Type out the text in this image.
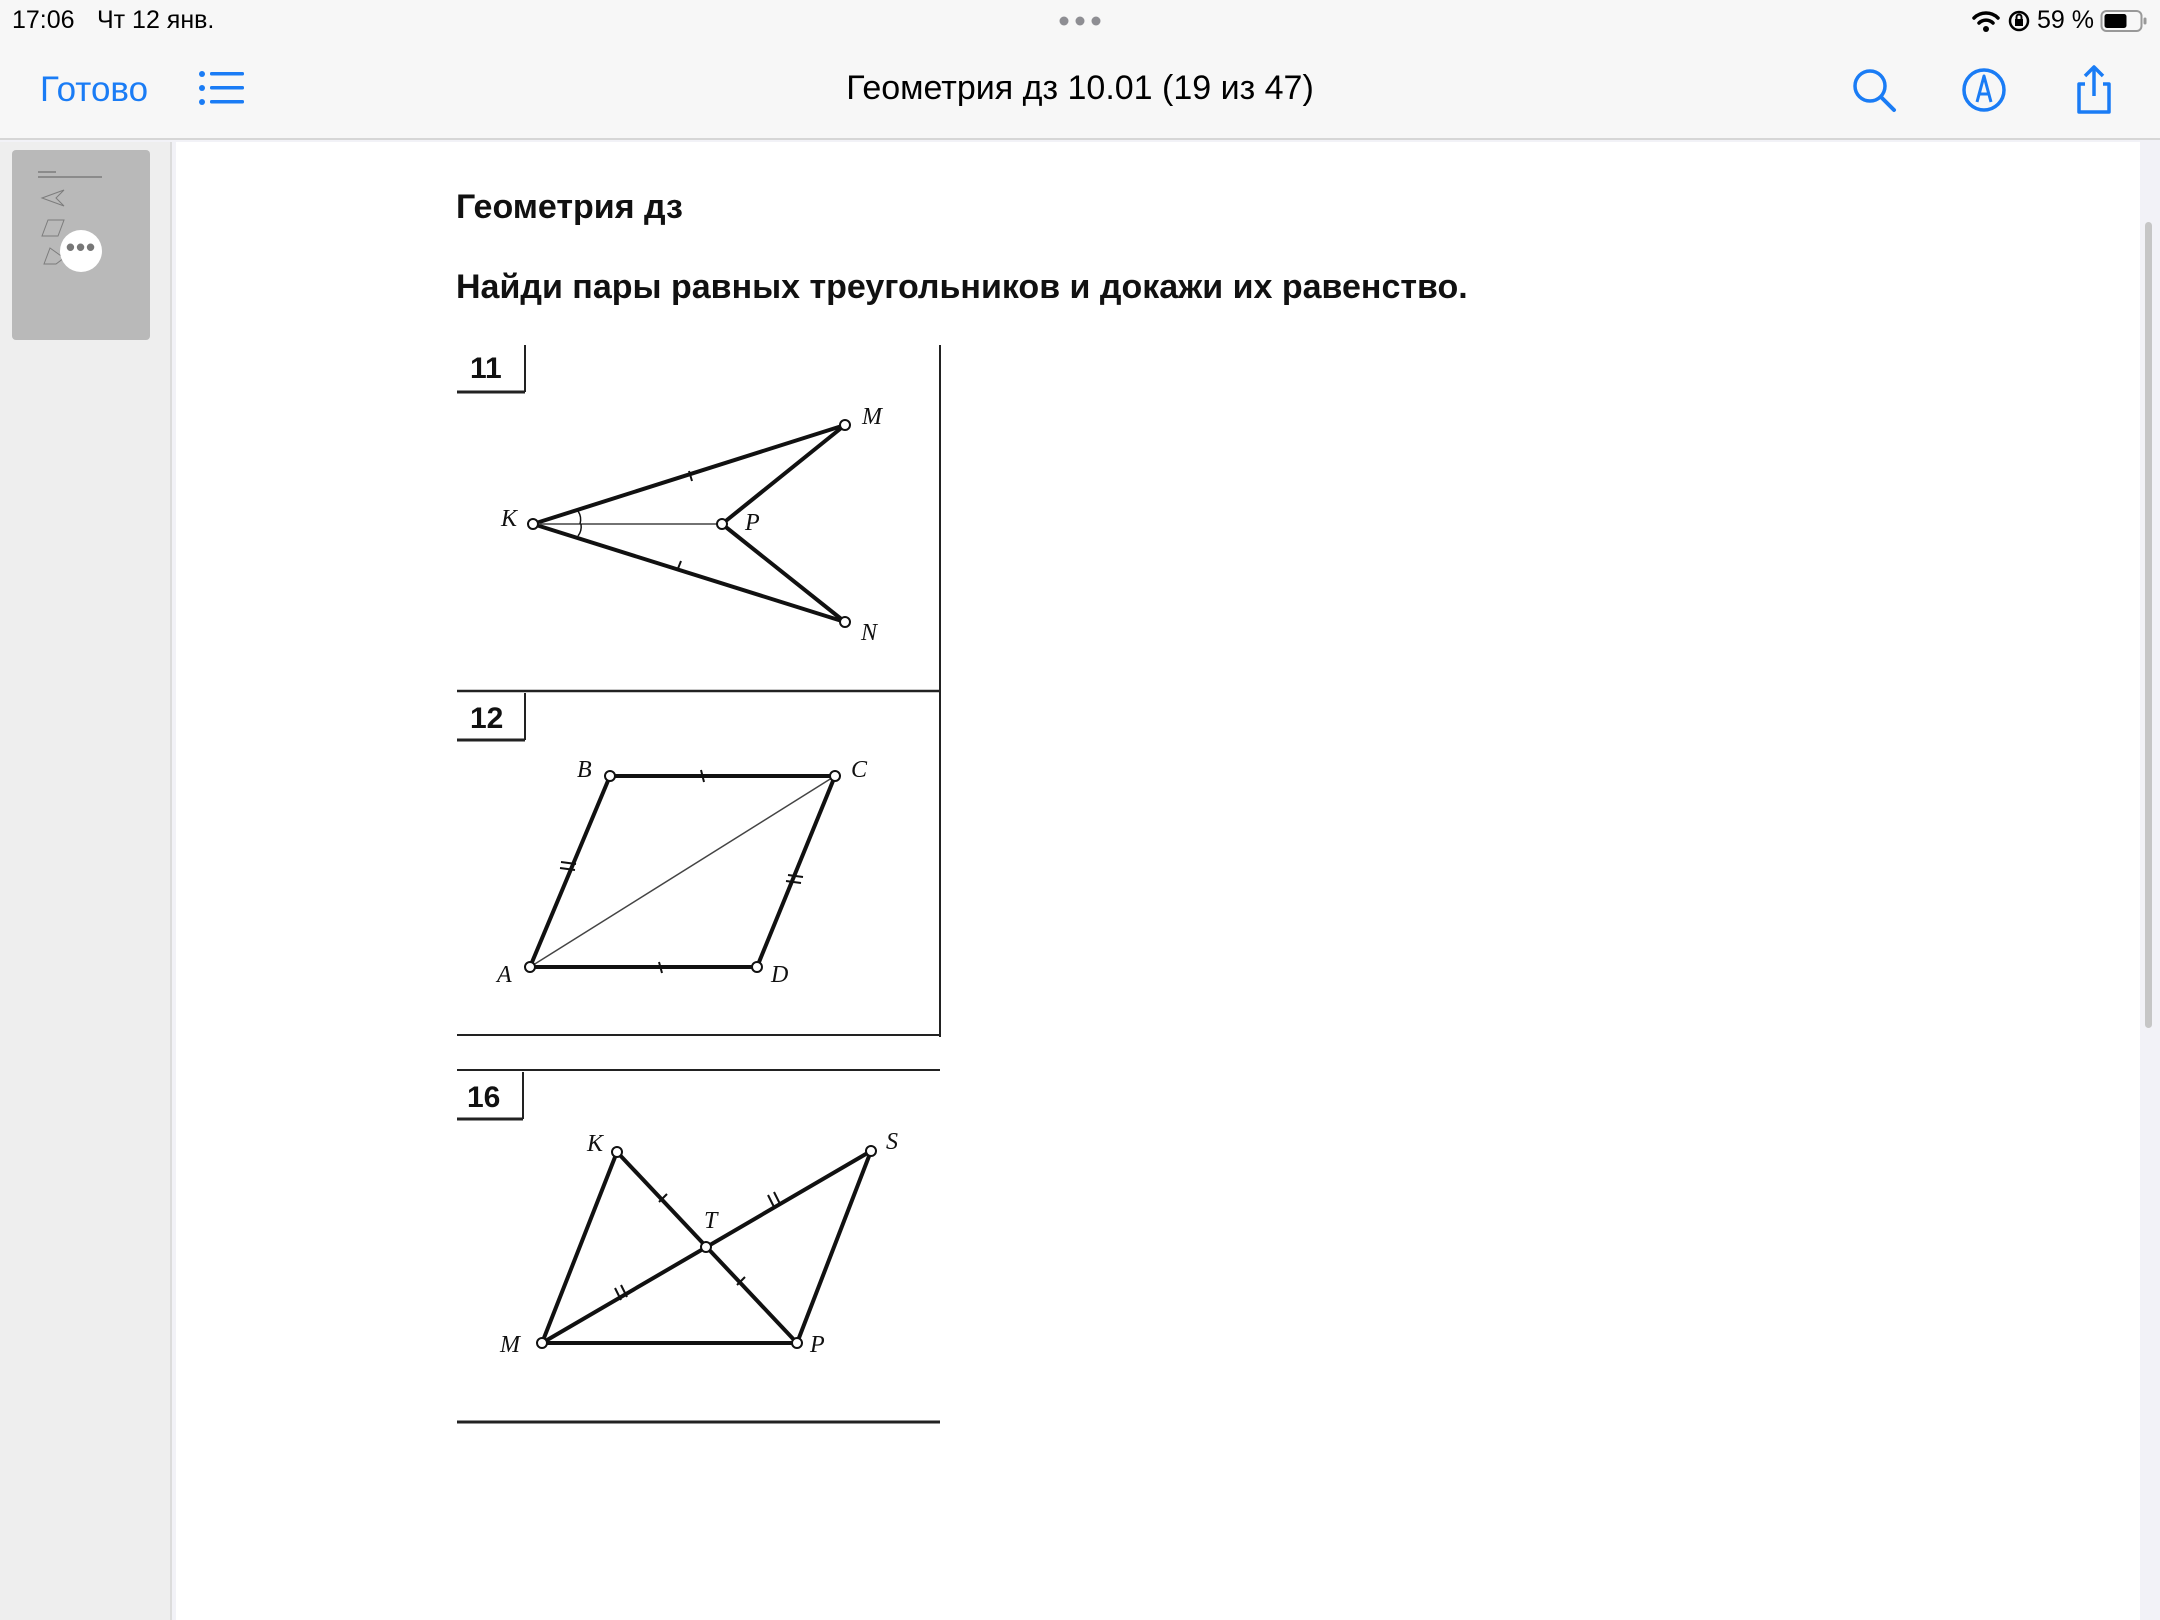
17:06 Чт 12 янв.	59 %
Готово	Геометрия дз 10.01 (19 из 47)
•••
Геометрия дз
Найди пары равных треугольников и докажи их равенство.
11
K
M
P
N
12
B	C
A	D
16
K	S
T
M	P
